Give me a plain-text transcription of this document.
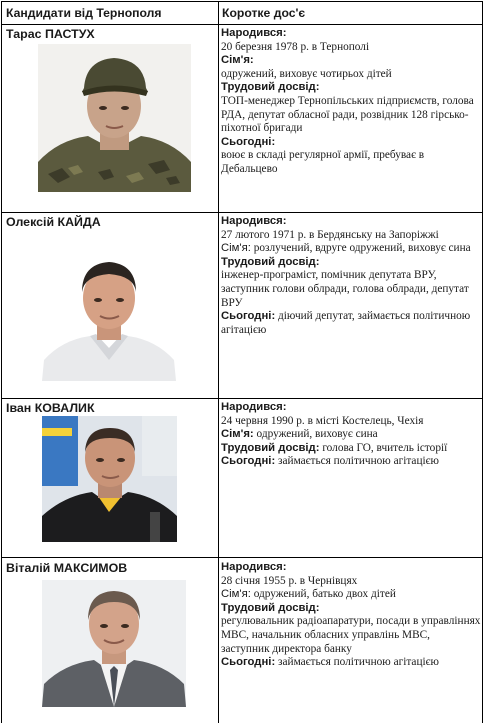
Кандидати від Тернополя	Коротке дос'є
Тарас ПАСТУХ	Народився:
20 березня 1978 р. в Тернополі
Сім'я:
одружений, виховує чотирьох дітей
Трудовий досвід:
ТОП-менеджер Тернопільських підприємств, голова РДА, депутат обласної ради, розвідник 128 гірсько-піхотної бригади
Сьогодні:
воює в складі регулярної армії, пребуває в Дебальцево
Олексій КАЙДА	Народився:
27 лютого 1971 р. в Бердянську на Запоріжжі
Сім'я: розлучений, вдруге одружений, виховує сина
Трудовий досвід:
інженер-програміст, помічник депутата ВРУ, заступник голови облради, голова облради, депутат ВРУ
Сьогодні: діючий депутат, займається політичною агітацією
Іван КОВАЛИК	Народився:
24 червня 1990 р. в місті Костелець, Чехія
Сім'я: одружений, виховує сина
Трудовий досвід: голова ГО, вчитель історії
Сьогодні: займається політичною агітацією
Віталій МАКСИМОВ	Народився:
28 січня 1955 р. в Чернівцях
Сім'я: одружений, батько двох дітей
Трудовий досвід:
регулювальник радіоапаратури, посади в управліннях МВС, начальник обласних управлінь МВС, заступник директора банку
Сьогодні: займається політичною агітацією
